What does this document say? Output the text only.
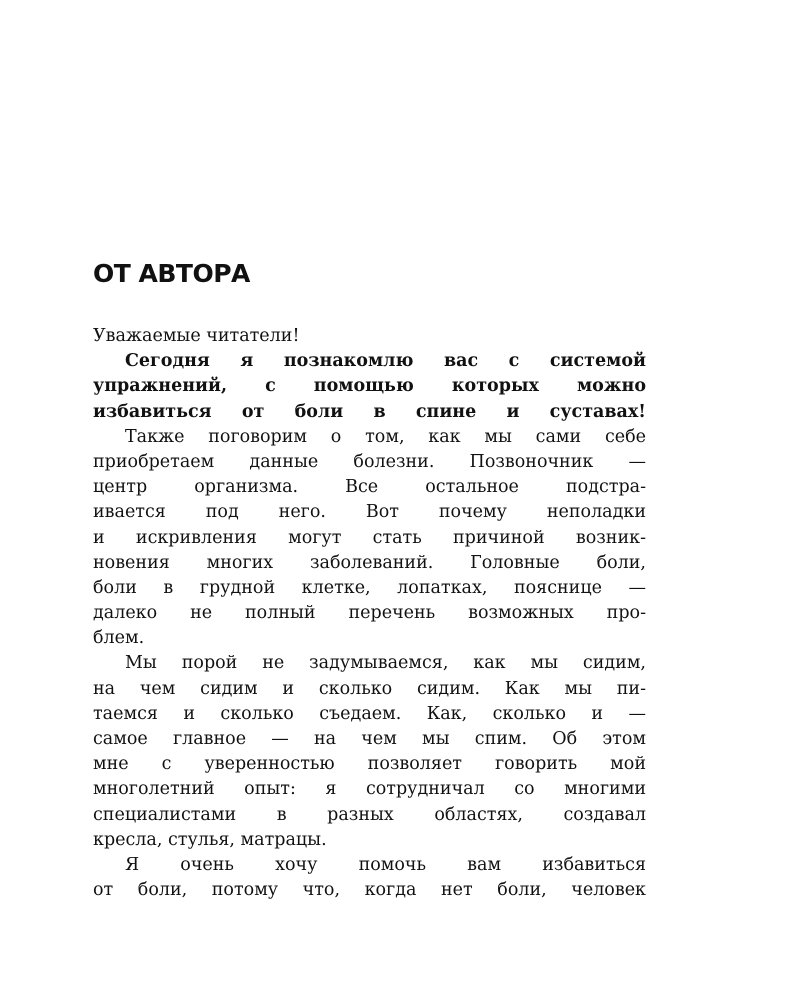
ОТ АВТОРА
Уважаемые читатели!
Сегодня я познакомлю вас с системой
упражнений, с помощью которых можно
избавиться от боли в спине и суставах!
Также поговорим о том, как мы сами себе
приобретаем данные болезни. Позвоночник —
центр организма. Все остальное подстра-
ивается под него. Вот почему неполадки
и искривления могут стать причиной возник-
новения многих заболеваний. Головные боли,
боли в грудной клетке, лопатках, пояснице —
далеко не полный перечень возможных про-
блем.
Мы порой не задумываемся, как мы сидим,
на чем сидим и сколько сидим. Как мы пи-
таемся и сколько съедаем. Как, сколько и —
самое главное — на чем мы спим. Об этом
мне с уверенностью позволяет говорить мой
многолетний опыт: я сотрудничал со многими
специалистами в разных областях, создавал
кресла, стулья, матрацы.
Я очень хочу помочь вам избавиться
от боли, потому что, когда нет боли, человек
